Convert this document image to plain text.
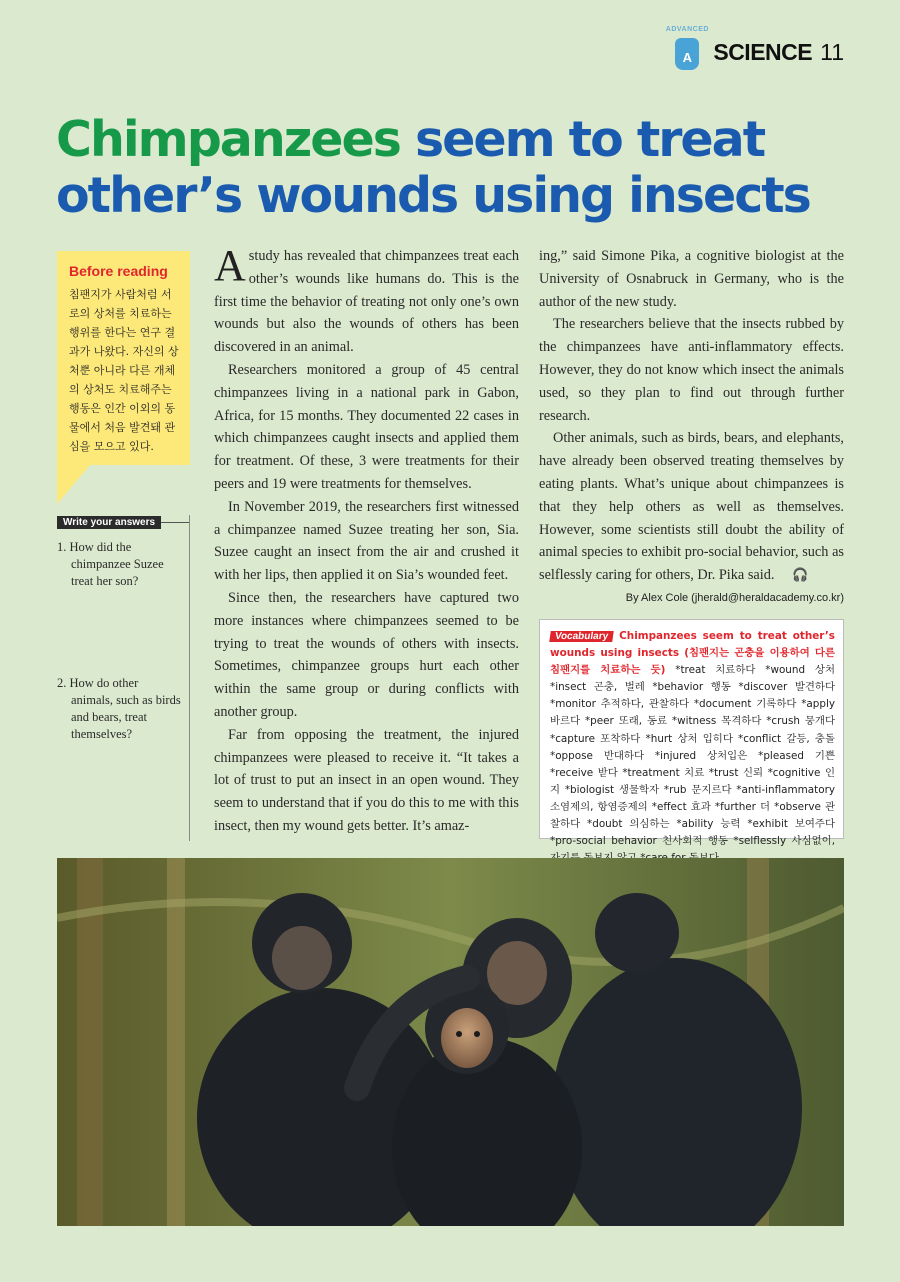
ADVANCED
A SCIENCE 11
Chimpanzees seem to treat other’s wounds using insects
Before reading
침팬지가 사람처럼 서로의 상처를 치료하는 행위를 한다는 연구 결과가 나왔다. 자신의 상처뿐 아니라 다른 개체의 상처도 치료해주는 행동은 인간 이외의 동물에서 처음 발견돼 관심을 모으고 있다.
Write your answers
1. How did the chimpanzee Suzee treat her son?
2. How do other animals, such as birds and bears, treat themselves?

Astudy has revealed that chimpanzees treat each other’s wounds like humans do. This is the first time the behavior of treating not only one’s own wounds but also the wounds of others has been discovered in an animal.

Researchers monitored a group of 45 central chimpanzees living in a national park in Gabon, Africa, for 15 months. They documented 22 cases in which chimpanzees caught insects and applied them for treatment. Of these, 3 were treatments for their peers and 19 were treatments for themselves.

In November 2019, the researchers first witnessed a chimpanzee named Suzee treating her son, Sia. Suzee caught an insect from the air and crushed it with her lips, then applied it on Sia’s wounded feet.

Since then, the researchers have captured two more instances where chimpanzees seemed to be trying to treat the wounds of others with insects. Sometimes, chimpanzee groups hurt each other within the same group or during conflicts with another group.

Far from opposing the treatment, the injured chimpanzees were pleased to receive it. “It takes a lot of trust to put an insect in an open wound. They seem to understand that if you do this to me with this insect, then my wound gets better. It’s amaz-

ing,” said Simone Pika, a cognitive biologist at the University of Osnabruck in Germany, who is the author of the new study.

The researchers believe that the insects rubbed by the chimpanzees have anti-inflammatory effects. However, they do not know which insect the animals used, so they plan to find out through further research.

Other animals, such as birds, bears, and elephants, have already been observed treating themselves by eating plants. What’s unique about chimpanzees is that they help others as well as themselves. However, some scientists still doubt the ability of animal species to exhibit pro-social behavior, such as selflessly caring for others, Dr. Pika said. 🎧

By Alex Cole (jherald@heraldacademy.co.kr)
Vocabulary Chimpanzees seem to treat other’s wounds using insects (침팬지는 곤충을 이용하여 다른 침팬지를 치료하는 듯) *treat 치료하다 *wound 상처 *insect 곤충, 벌레 *behavior 행동 *discover 발견하다 *monitor 추적하다, 관찰하다 *document 기록하다 *apply 바르다 *peer 또래, 동료 *witness 목격하다 *crush 뭉개다 *capture 포착하다 *hurt 상처 입히다 *conflict 갈등, 충돌 *oppose 반대하다 *injured 상처입은 *pleased 기쁜 *receive 받다 *treatment 치료 *trust 신뢰 *cognitive 인지 *biologist 생물학자 *rub 문지르다 *anti-inflammatory 소염제의, 항염증제의 *effect 효과 *further 더 *observe 관찰하다 *doubt 의심하는 *ability 능력 *exhibit 보여주다 *pro-social behavior 친사회적 행동 *selflessly 사심없이,
